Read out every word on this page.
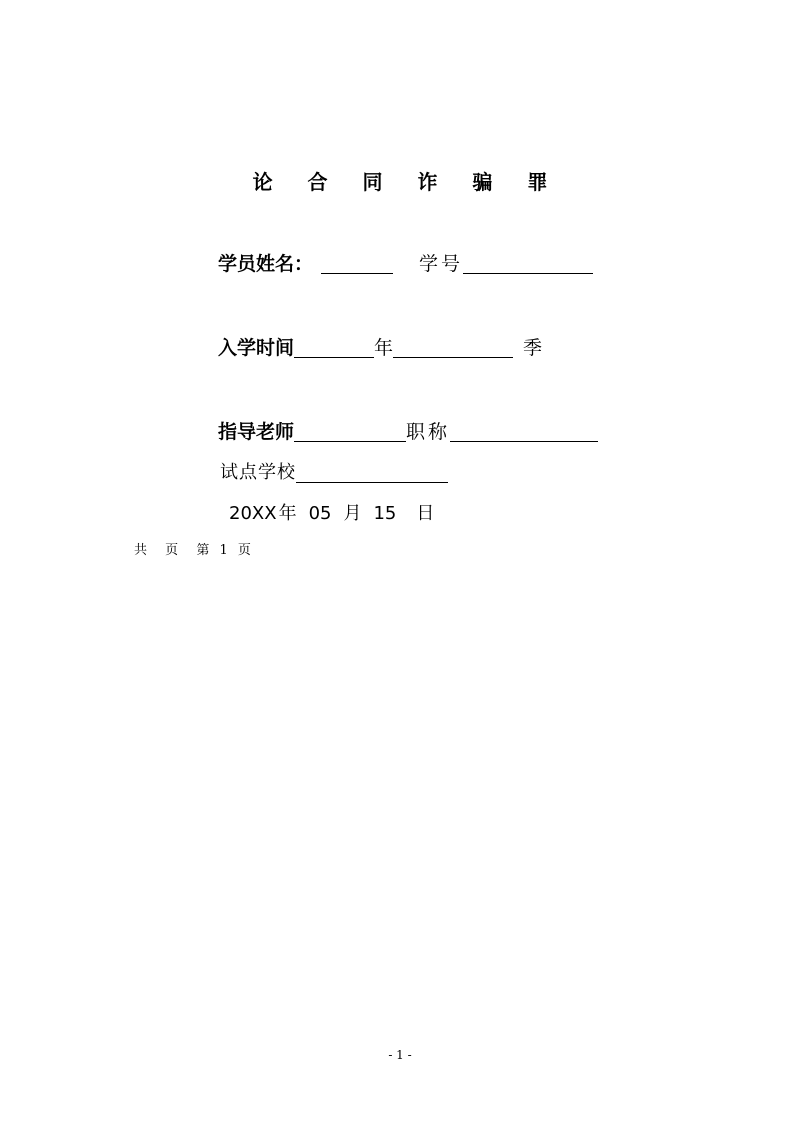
论 合 同 诈 骗 罪
学员姓名：	学号
入学时间	年	季
指导老师	职称
试点学校
20XX 年 05 月 15 日
共 页 第 1 页
- 1 -
